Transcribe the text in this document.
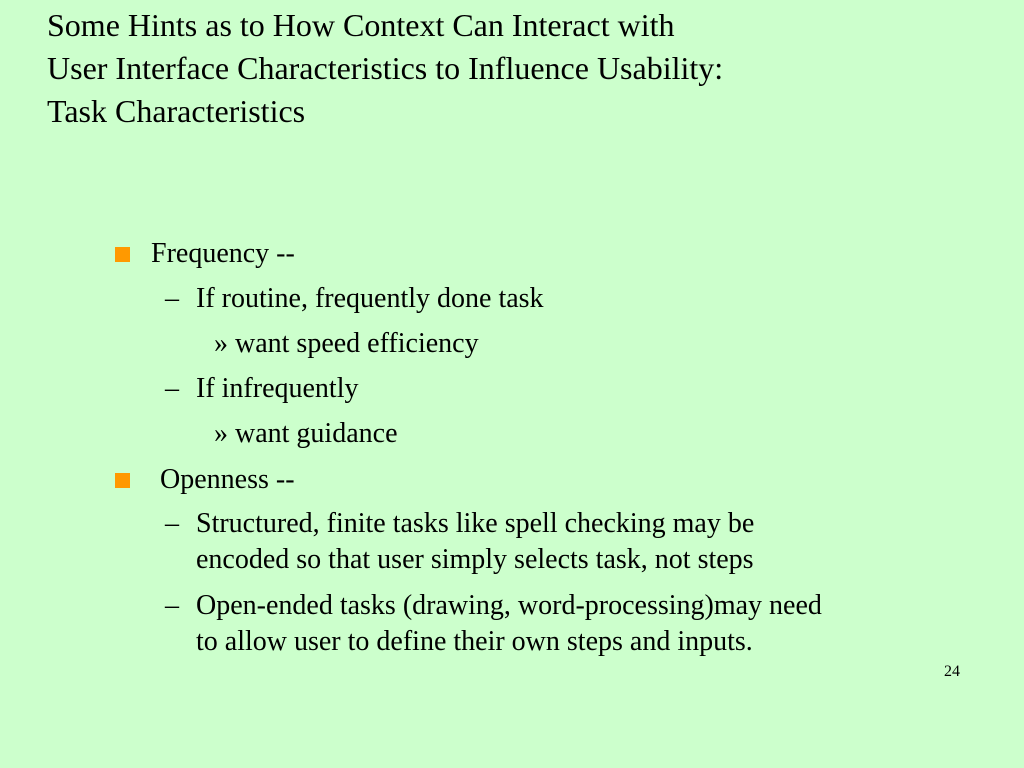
Some Hints as to How Context Can Interact with
User Interface Characteristics to Influence Usability:
Task Characteristics
Frequency --
– If routine, frequently done task
» want speed efficiency
– If infrequently
» want guidance
Openness --
– Structured, finite tasks like spell checking may be
encoded so that user simply selects task, not steps
– Open-ended tasks (drawing, word-processing)may need
to allow user to define their own steps and inputs.
24
